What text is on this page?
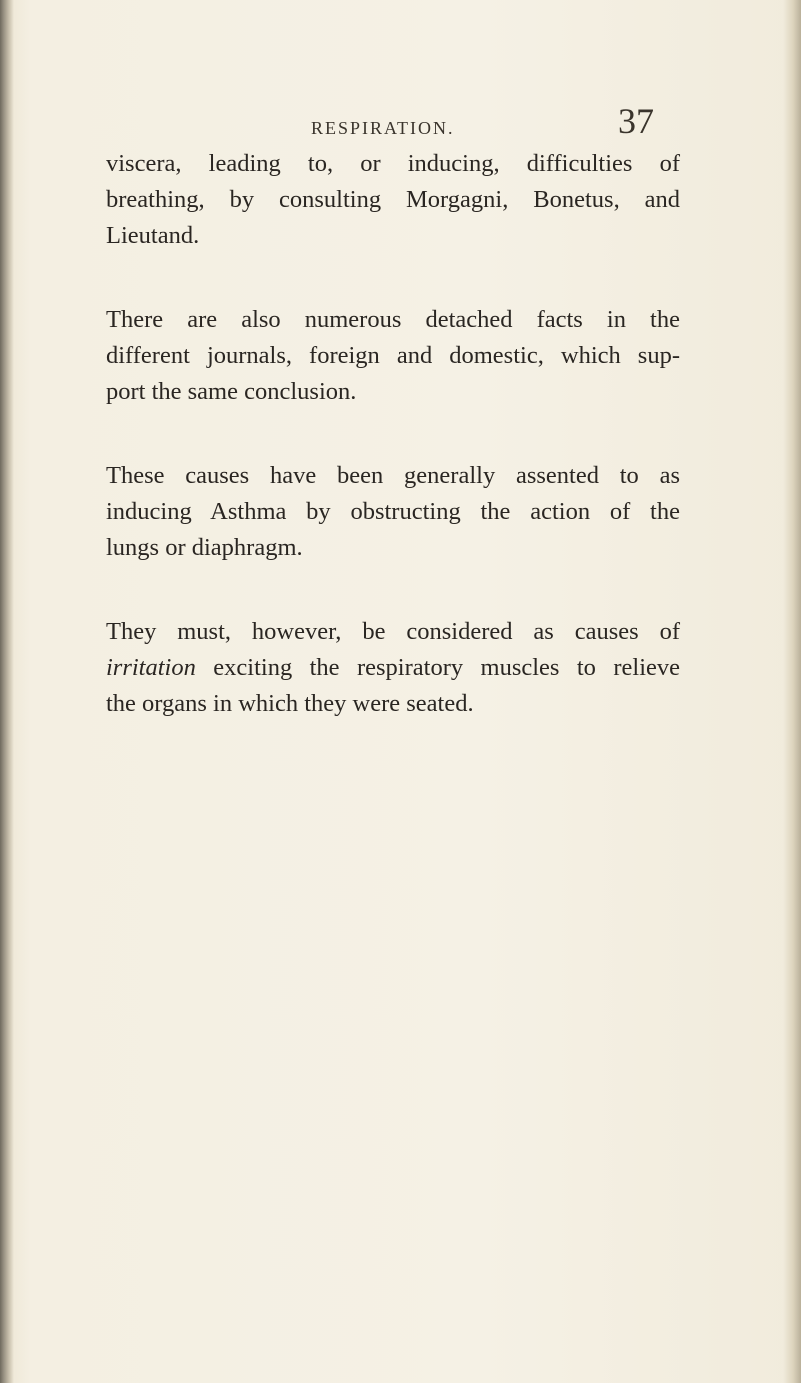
RESPIRATION.	37
viscera, leading to, or inducing, difficulties of
breathing, by consulting Morgagni, Bonetus, and
Lieutand.
There are also numerous detached facts in the
different journals, foreign and domestic, which sup-
port the same conclusion.
These causes have been generally assented to as
inducing Asthma by obstructing the action of the
lungs or diaphragm.
They must, however, be considered as causes of
irritation exciting the respiratory muscles to relieve
the organs in which they were seated.
